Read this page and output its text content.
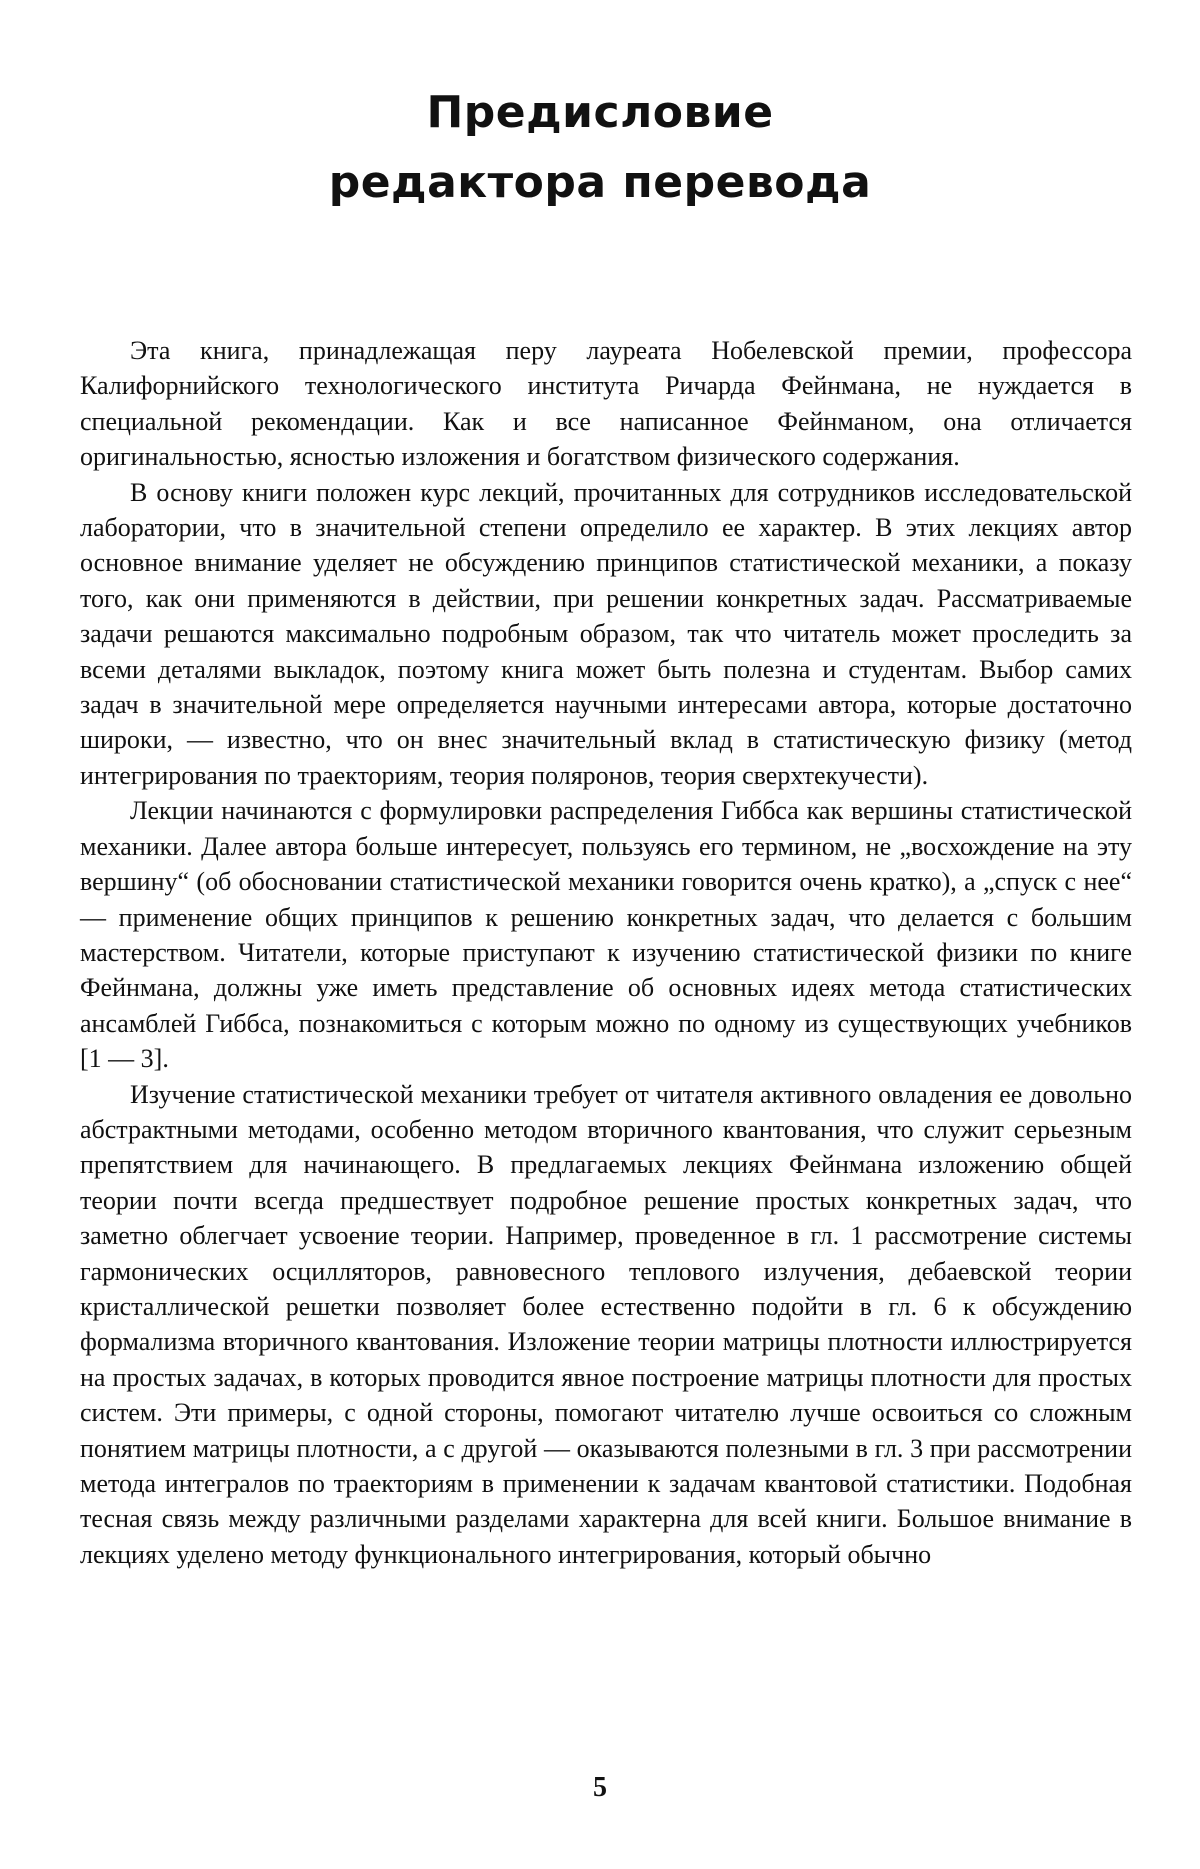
Предисловие
редактора перевода

Эта книга, принадлежащая перу лауреата Нобелевской премии, профессора Калифорнийского технологического института Ричарда Фейнмана, не нуждается в специальной рекомендации. Как и все написанное Фейнманом, она отличается оригинальностью, ясностью изложения и богатством физического содержания.

В основу книги положен курс лекций, прочитанных для сотрудников исследовательской лаборатории, что в значительной степени определило ее характер. В этих лекциях автор основное внимание уделяет не обсуждению принципов статистической механики, а показу того, как они применяются в действии, при решении конкретных задач. Рассматриваемые задачи решаются максимально подробным образом, так что читатель может проследить за всеми деталями выкладок, поэтому книга может быть полезна и студентам. Выбор самих задач в значительной мере определяется научными интересами автора, которые достаточно широки, — известно, что он внес значительный вклад в статистическую физику (метод интегрирования по траекториям, теория поляронов, теория сверхтекучести).

Лекции начинаются с формулировки распределения Гиббса как вершины статистической механики. Далее автора больше интересует, пользуясь его термином, не „восхождение на эту вершину“ (об обосновании статистической механики говорится очень кратко), а „спуск с нее“ — применение общих принципов к решению конкретных задач, что делается с большим мастерством. Читатели, которые приступают к изучению статистической физики по книге Фейнмана, должны уже иметь представление об основных идеях метода статистических ансамблей Гиббса, познакомиться с которым можно по одному из существующих учебников [1 — 3].

Изучение статистической механики требует от читателя активного овладения ее довольно абстрактными методами, особенно методом вторичного квантования, что служит серьезным препятствием для начинающего. В предлагаемых лекциях Фейнмана изложению общей теории почти всегда предшествует подробное решение простых конкретных задач, что заметно облегчает усвоение теории. Например, проведенное в гл. 1 рассмотрение системы гармонических осцилляторов, равновесного теплового излучения, дебаевской теории кристаллической решетки позволяет более естественно подойти в гл. 6 к обсуждению формализма вторичного квантования. Изложение теории матрицы плотности иллюстрируется на простых задачах, в которых проводится явное построение матрицы плотности для простых систем. Эти примеры, с одной стороны, помогают читателю лучше освоиться со сложным понятием матрицы плотности, а с другой — оказываются полезными в гл. 3 при рассмотрении метода интегралов по траекториям в применении к задачам квантовой статистики. Подобная тесная связь между различными разделами характерна для всей книги. Большое внимание в лекциях уделено методу функционального интегрирования, который обычно

5
